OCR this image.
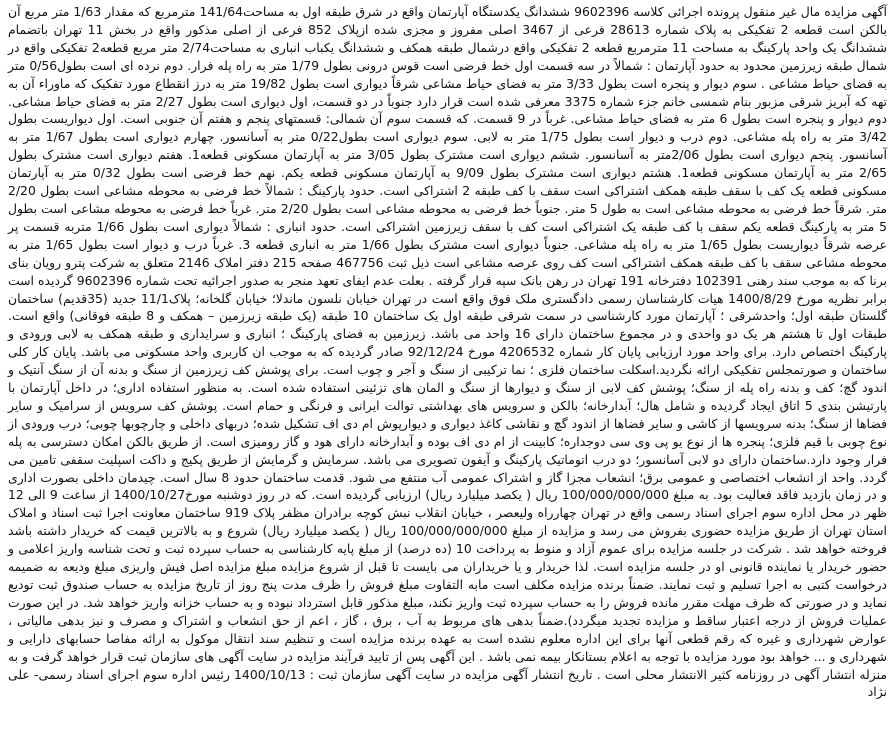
آگهی مزایده مال غیر منقول پرونده اجرائی کلاسه 9602396 ششدانگ یکدستگاه آپارتمان واقع در شرق طبقه اول به مساحت141/64 مترمربع که مقدار 1/63 متر مربع آن بالکن است قطعه 2 تفکیکی به پلاک شماره 28613 فرعی از 3467 اصلی مفروز و مجزی شده ازپلاک 852 فرعی از اصلی مذکور واقع در بخش 11 تهران باتضمام ششدانگ یک واحد پارکینگ به مساحت 11 مترمربع قطعه 2 تفکیکی واقع درشمال طبقه همکف و ششدانگ یکباب انباری به مساحت2/74 متر مربع قطعه2 تفکیکی واقع در شمال طبقه زیرزمین محدود به حدود آپارتمان : شمالاً در سه قسمت اول خط فرضی است قوس درونی بطول 1/79 متر به راه پله فرار. دوم نرده ای است بطول0/56 متر به فضای حیاط مشاعی . سوم دیوار و پنجره است بطول 3/33 متر به فضای حیاط مشاعی شرقاً دیواری است بطول 19/82 متر به درز انقطاع مورد تفکیک که ماوراء آن به تهه که آبریز شرقی مزبور بنام شمسی خانم جزء شماره 3375 معرفی شده است قرار دارد جنوباً در دو قسمت، اول دیواری است بطول 2/27 متر به فضای حیاط مشاعی. دوم دیوار و پنجره است بطول 6 متر به فضای حیاط مشاعی. غرباً در 9 قسمت. که قسمت سوم آن شمالی: قسمتهای پنجم و هفتم آن جنوبی است. اول دیواریست بطول 3/42 متر به راه پله مشاعی. دوم درب و دیوار است بطول 1/75 متر به لابی. سوم دیواری است بطول0/22 متر به آسانسور. چهارم دیواری است بطول 1/67 متر به آسانسور. پنجم دیواری است بطول 2/06متر به آسانسور. ششم دیواری است مشترک بطول 3/05 متر به آپارتمان مسکونی قطعه1. هفتم دیواری است مشترک بطول 2/65 متر به آپارتمان مسکونی قطعه1. هشتم دیواری است مشترک بطول 9/09 به آپارتمان مسکونی قطعه یکم. نهم خط فرضی است بطول 0/32 متر به آپارتمان مسکونی قطعه یک کف با سقف طبقه همکف اشتراکی است سقف با کف طبقه 2 اشتراکی است. حدود پارکینگ : شمالاً خط فرضی به محوطه مشاعی است بطول 2/20 متر. شرقاً خط فرضی به محوطه مشاعی است به طول 5 متر. جنوباً خط فرضی به محوطه مشاعی است بطول 2/20 متر. غرباً خط فرضی به محوطه مشاعی است بطول 5 متر به پارکینگ قطعه یکم سقف با کف طبقه یک اشتراکی است کف با سقف زیرزمین اشتراکی است. حدود انباری : شمالاً دیواری است بطول 1/66 متربه قسمت پر عرصه شرقاً دیواریست بطول 1/65 متر به راه پله مشاعی. جنوباً دیواری است مشترک بطول 1/66 متر به انباری قطعه 3. غرباً درب و دیوار است بطول 1/65 متر به محوطه مشاعی سقف با کف طبقه همکف اشتراکی است کف روی عرصه مشاعی است ذیل ثبت 467756 صفحه 215 دفتر املاک 2146 متعلق به شرکت پترو رویان بنای برنا که به موجب سند رهنی 102391 دفترخانه 191 تهران در رهن بانک سپه قرار گرفته . بعلت عدم ایفای تعهد منجر به صدور اجرائیه تحت شماره 9602396 گردیده است برابر نظریه مورخ 1400/8/29 هیات کارشناسان رسمی دادگستری ملک فوق واقع است در تهران خیابان نلسون ماندلا؛ خیابان گلخانه؛ پلاک11/1 جدید (35قدیم) ساختمان گلستان طبقه اول؛ واحدشرقی ؛ آپارتمان مورد کارشناسی در سمت شرقی طبقه اول یک ساختمان 10 طبقه (یک طبقه زیرزمین – همکف و 8 طبقه فوقانی) واقع است. طبقات اول تا هشتم هر یک دو واحدی و در مجموع ساختمان دارای 16 واحد می باشد. زیرزمین به فضای پارکینگ ؛ انباری و سرایداری و طبقه همکف به لابی ورودی و پارکینگ اختصاص دارد. برای واحد مورد ارزیابی پایان کار شماره 4206532 مورخ 92/12/24 صادر گردیده که به موجب ان کاربری واحد مسکونی می باشد. پایان کار کلی ساختمان و صورتمجلس تفکیکی ارائه نگردید.اسکلت ساختمان فلزی ؛ نما ترکیبی از سنگ و آجر و چوب است. برای پوشش کف زیرزمین از سنگ و بدنه آن از سنگ آنتیک و اندود گچ؛ کف و بدنه راه پله از سنگ؛ پوشش کف لابی از سنگ و دیوارها از سنگ و المان های تزئینی استفاده شده است. به منظور استفاده اداری؛ در داخل آپارتمان با پارتیشن بندی 5 اتاق ایجاد گردیده و شامل هال؛ آبدارخانه؛ بالکن و سرویس های بهداشتی توالت ایرانی و فرنگی و حمام است. پوشش کف سرویس از سرامیک و سایر فضاها از سنگ؛ بدنه سرویسها از کاشی و سایر فضاها از اندود گچ و نقاشی کاغذ دیواری و دیوارپوش ام دی اف تشکیل شده؛ دربهای داخلی و چارچوبها چوبی؛ درب ورودی از نوع چوبی با قیم فلزی؛ پنجره ها از نوع یو پی وی سی دوجداره؛ کابینت از ام دی اف بوده و آبدارخانه دارای هود و گاز رومیزی است. از طریق بالکن امکان دسترسی به پله فرار وجود دارد.ساختمان دارای دو لابی آسانسور؛ دو درب اتوماتیک پارکینگ و آیفون تصویری می باشد. سرمایش و گرمایش از طریق پکیج و داکت اسپلیت سقفی تامین می گردد. واحد از انشعاب اختصاصی و عمومی برق؛ انشعاب مجزا گاز و اشتراک عمومی آب منتفع می شود. قدمت ساختمان حدود 8 سال است. چیدمان داخلی بصورت اداری و در زمان بازدید فاقد فعالیت بود. به مبلغ 100/000/000/000 ریال ( یکصد میلیارد ریال) ارزیابی گردیده است. که در روز دوشنبه مورخ1400/10/27 از ساعت 9 الی 12 ظهر در محل اداره سوم اجرای اسناد رسمی واقع در تهران چهارراه ولیعصر ، خیابان انقلاب نبش کوچه برادران مظفر پلاک 919 ساختمان معاونت اجرا ثبت اسناد و املاک استان تهران از طریق مزایده حضوری بفروش می رسد و مزایده از مبلغ 100/000/000/000 ریال ( یکصد میلیارد ریال) شروع و به بالاترین قیمت که خریدار داشته باشد فروخته خواهد شد . شرکت در جلسه مزایده برای عموم آزاد و منوط به پرداخت 10 (ده درصد) از مبلغ پایه کارشناسی به حساب سپرده ثبت و تحت شناسه واریز اعلامی و حضور خریدار یا نماینده قانونی او در جلسه مزایده است. لذا خریدار و یا خریداران می بایست تا قبل از شروع مزایده مبلغ مزایده اصل فیش واریزی مبلغ ودیعه به ضمیمه درخواست کتبی به اجرا تسلیم و ثبت نمایند. ضمناً برنده مزایده مکلف است مابه التفاوت مبلغ فروش را ظرف مدت پنج روز از تاریخ مزایده به حساب صندوق ثبت تودیع نماید و در صورتی که ظرف مهلت مقرر مانده فروش را به حساب سپرده ثبت واریز نکند، مبلغ مذکور قابل استرداد نبوده و به حساب خزانه واریز خواهد شد. در این صورت عملیات فروش از درجه اعتبار ساقط و مزایده تجدید میگردد).ضمناً بدهی های مربوط به آب ، برق ، گاز ، اعم از حق انشعاب و اشتراک و مصرف و نیز بدهی مالیاتی ، عوارض شهرداری و غیره که رقم قطعی آنها برای این اداره معلوم نشده است به عهده برنده مزایده است و تنظیم سند انتقال موکول به ارائه مفاصا حسابهای دارایی و شهرداری و ... خواهد بود مورد مزایده با توجه به اعلام بستانکار بیمه نمی باشد . این آگهی پس از تایید فرآیند مزایده در سایت آگهی های سازمان ثبت قرار خواهد گرفت و به منزله انتشار آگهی در روزنامه کثیر الانتشار محلی است . تاریخ انتشار آگهی مزایده در سایت آگهی سازمان ثبت : 1400/10/13 رئیس اداره سوم اجرای اسناد رسمی- علی نژاد
